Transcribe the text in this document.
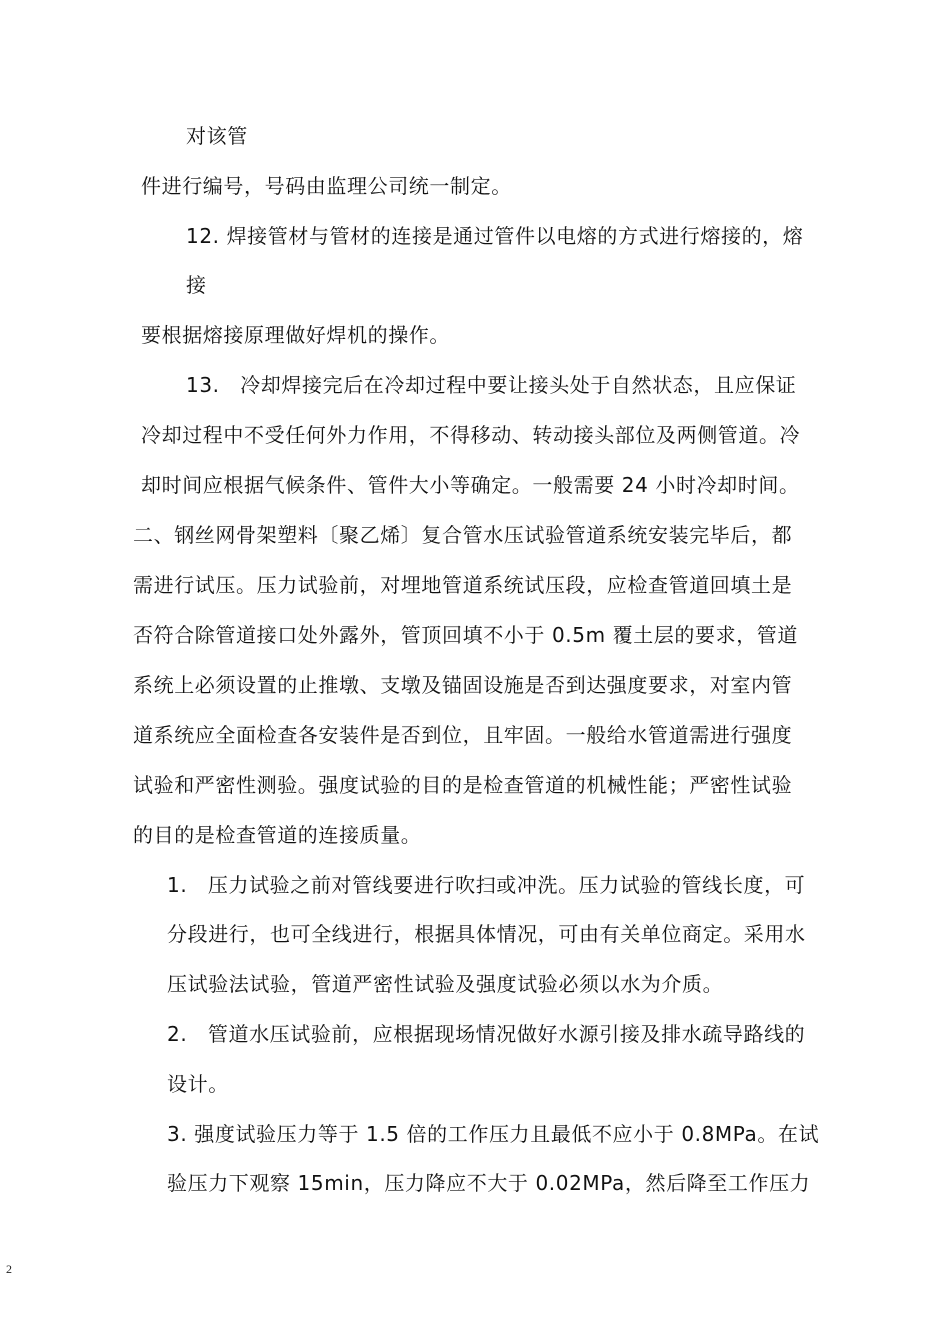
对该管
件进行编号，号码由监理公司统一制定。
12. 焊接管材与管材的连接是通过管件以电熔的方式进行熔接的，熔
接
要根据熔接原理做好焊机的操作。
13.　冷却焊接完后在冷却过程中要让接头处于自然状态，且应保证
冷却过程中不受任何外力作用，不得移动、转动接头部位及两侧管道。冷
却时间应根据气候条件、管件大小等确定。一般需要 24 小时冷却时间。
二、钢丝网骨架塑料〔聚乙烯〕复合管水压试验管道系统安装完毕后，都
需进行试压。压力试验前，对埋地管道系统试压段，应检查管道回填土是
否符合除管道接口处外露外，管顶回填不小于 0.5m 覆土层的要求，管道
系统上必须设置的止推墩、支墩及锚固设施是否到达强度要求，对室内管
道系统应全面检查各安装件是否到位，且牢固。一般给水管道需进行强度
试验和严密性测验。强度试验的目的是检查管道的机械性能；严密性试验
的目的是检查管道的连接质量。
1.　压力试验之前对管线要进行吹扫或冲洗。压力试验的管线长度，可
分段进行，也可全线进行，根据具体情况，可由有关单位商定。采用水
压试验法试验，管道严密性试验及强度试验必须以水为介质。
2.　管道水压试验前，应根据现场情况做好水源引接及排水疏导路线的
设计。
3. 强度试验压力等于 1.5 倍的工作压力且最低不应小于 0.8MPa。在试
验压力下观察 15min，压力降应不大于 0.02MPa，然后降至工作压力
2
